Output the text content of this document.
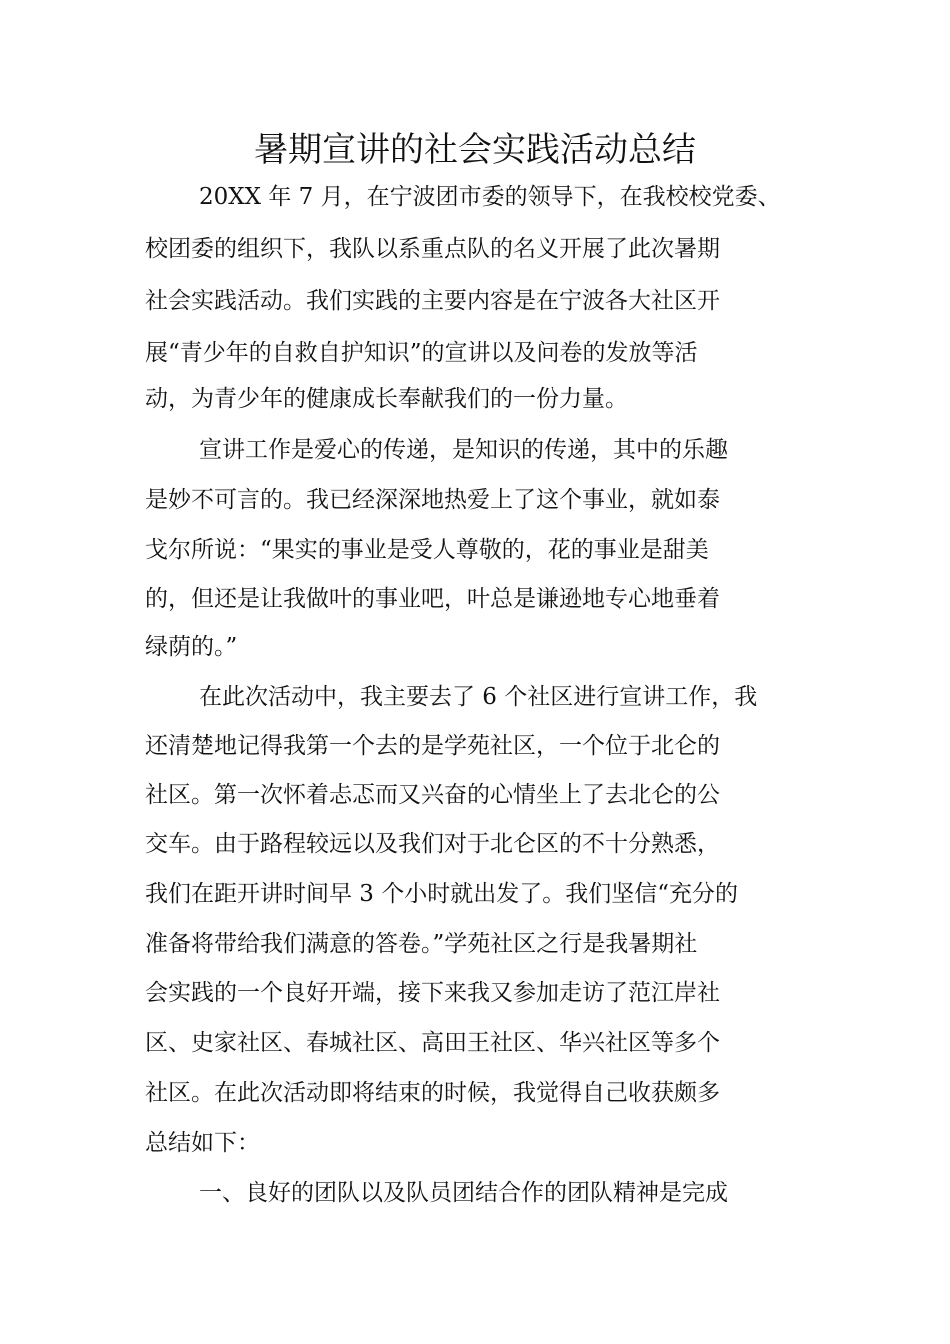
暑期宣讲的社会实践活动总结

20XX 年 7 月，在宁波团市委的领导下，在我校校党委、

校团委的组织下，我队以系重点队的名义开展了此次暑期

社会实践活动。我们实践的主要内容是在宁波各大社区开

展“青少年的自救自护知识”的宣讲以及问卷的发放等活

动，为青少年的健康成长奉献我们的一份力量。

宣讲工作是爱心的传递，是知识的传递，其中的乐趣

是妙不可言的。我已经深深地热爱上了这个事业，就如泰

戈尔所说：“果实的事业是受人尊敬的，花的事业是甜美

的，但还是让我做叶的事业吧，叶总是谦逊地专心地垂着

绿荫的。”

在此次活动中，我主要去了 6 个社区进行宣讲工作，我

还清楚地记得我第一个去的是学苑社区，一个位于北仑的

社区。第一次怀着忐忑而又兴奋的心情坐上了去北仑的公

交车。由于路程较远以及我们对于北仑区的不十分熟悉，

我们在距开讲时间早 3 个小时就出发了。我们坚信“充分的

准备将带给我们满意的答卷。”学苑社区之行是我暑期社

会实践的一个良好开端，接下来我又参加走访了范江岸社

区、史家社区、春城社区、高田王社区、华兴社区等多个

社区。在此次活动即将结束的时候，我觉得自己收获颇多

总结如下：

一、良好的团队以及队员团结合作的团队精神是完成
